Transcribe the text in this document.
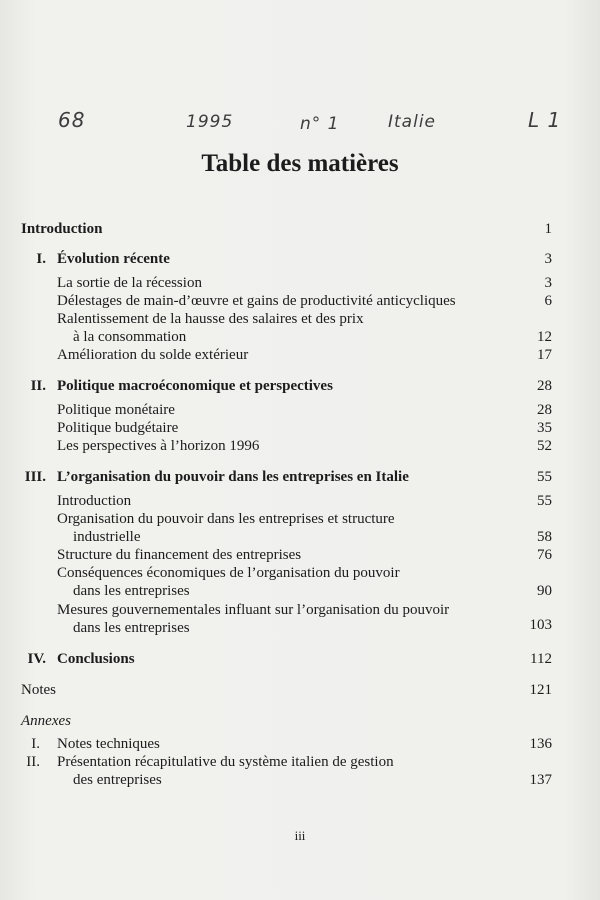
68	1995	n° 1	Italie	L 1
Table des matières
Introduction	1
I. Évolution récente	3
La sortie de la récession	3
Délestages de main-d’œuvre et gains de productivité anticycliques	6
Ralentissement de la hausse des salaires et des prix
à la consommation	12
Amélioration du solde extérieur	17
II. Politique macroéconomique et perspectives	28
Politique monétaire	28
Politique budgétaire	35
Les perspectives à l’horizon 1996	52
III. L’organisation du pouvoir dans les entreprises en Italie	55
Introduction	55
Organisation du pouvoir dans les entreprises et structure
industrielle	58
Structure du financement des entreprises	76
Conséquences économiques de l’organisation du pouvoir
dans les entreprises	90
Mesures gouvernementales influant sur l’organisation du pouvoir
dans les entreprises	103
IV. Conclusions	112
Notes	121
Annexes
I. Notes techniques	136
II. Présentation récapitulative du système italien de gestion
des entreprises	137
iii
